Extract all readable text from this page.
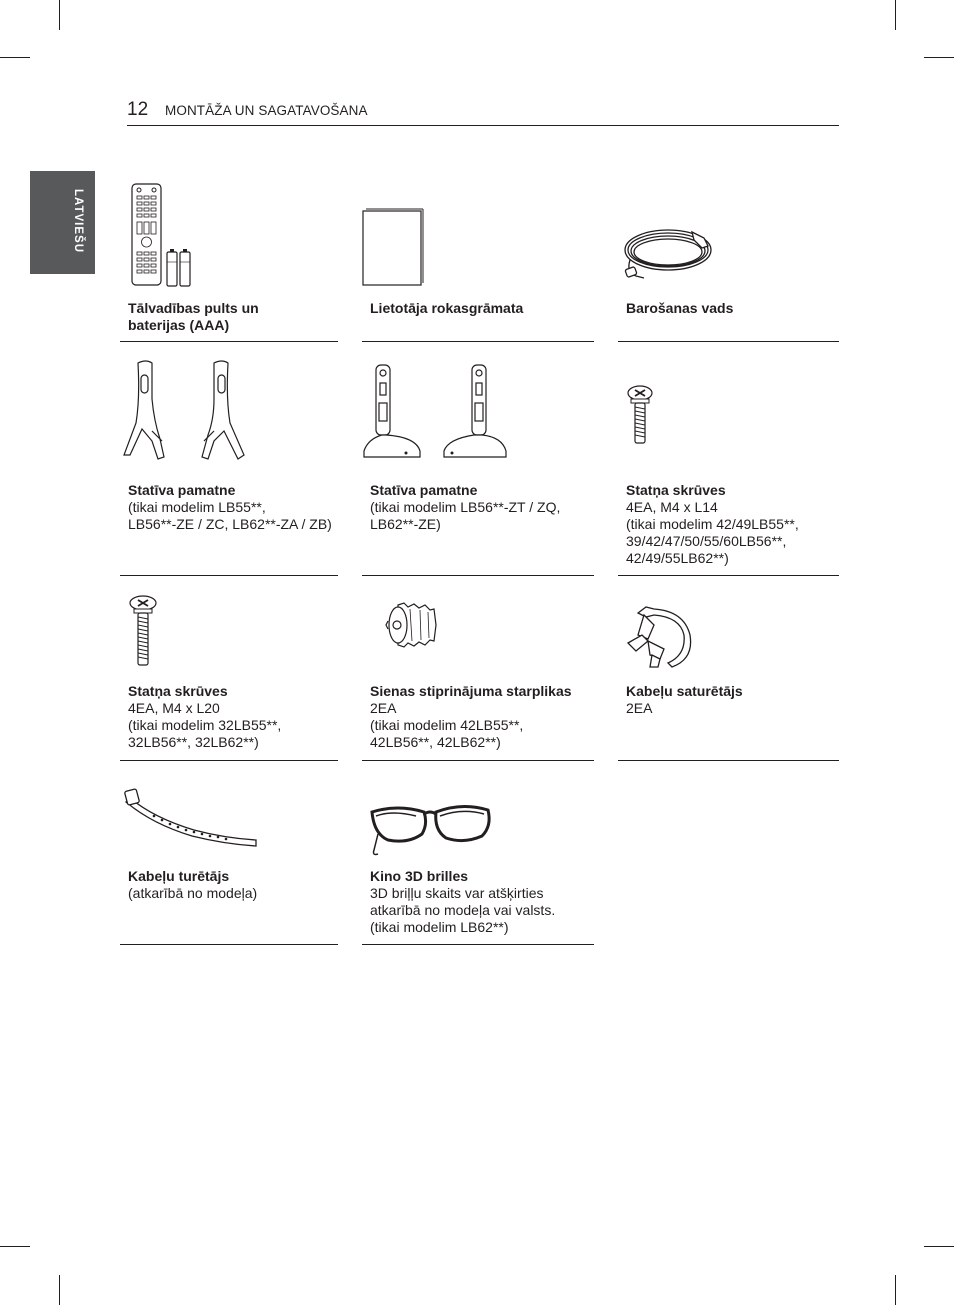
12 MONTĀŽA UN SAGATAVOŠANA
LATVIEŠU
Tālvadības pults un
baterijas (AAA)
Lietotāja rokasgrāmata	Barošanas vads
Statīva pamatne
(tikai modelim LB55**,
LB56**-ZE / ZC, LB62**-ZA / ZB)
Statīva pamatne
(tikai modelim LB56**-ZT / ZQ,
LB62**-ZE)
Statņa skrūves
4EA, M4 x L14
(tikai modelim 42/49LB55**,
39/42/47/50/55/60LB56**,
42/49/55LB62**)
Statņa skrūves
4EA, M4 x L20
(tikai modelim 32LB55**,
32LB56**, 32LB62**)
Sienas stiprinājuma starplikas
2EA
(tikai modelim 42LB55**,
42LB56**, 42LB62**)
Kabeļu saturētājs
2EA
Kabeļu turētājs
(atkarībā no modeļa)
Kino 3D brilles
3D briļļu skaits var atšķirties
atkarībā no modeļa vai valsts.
(tikai modelim LB62**)
